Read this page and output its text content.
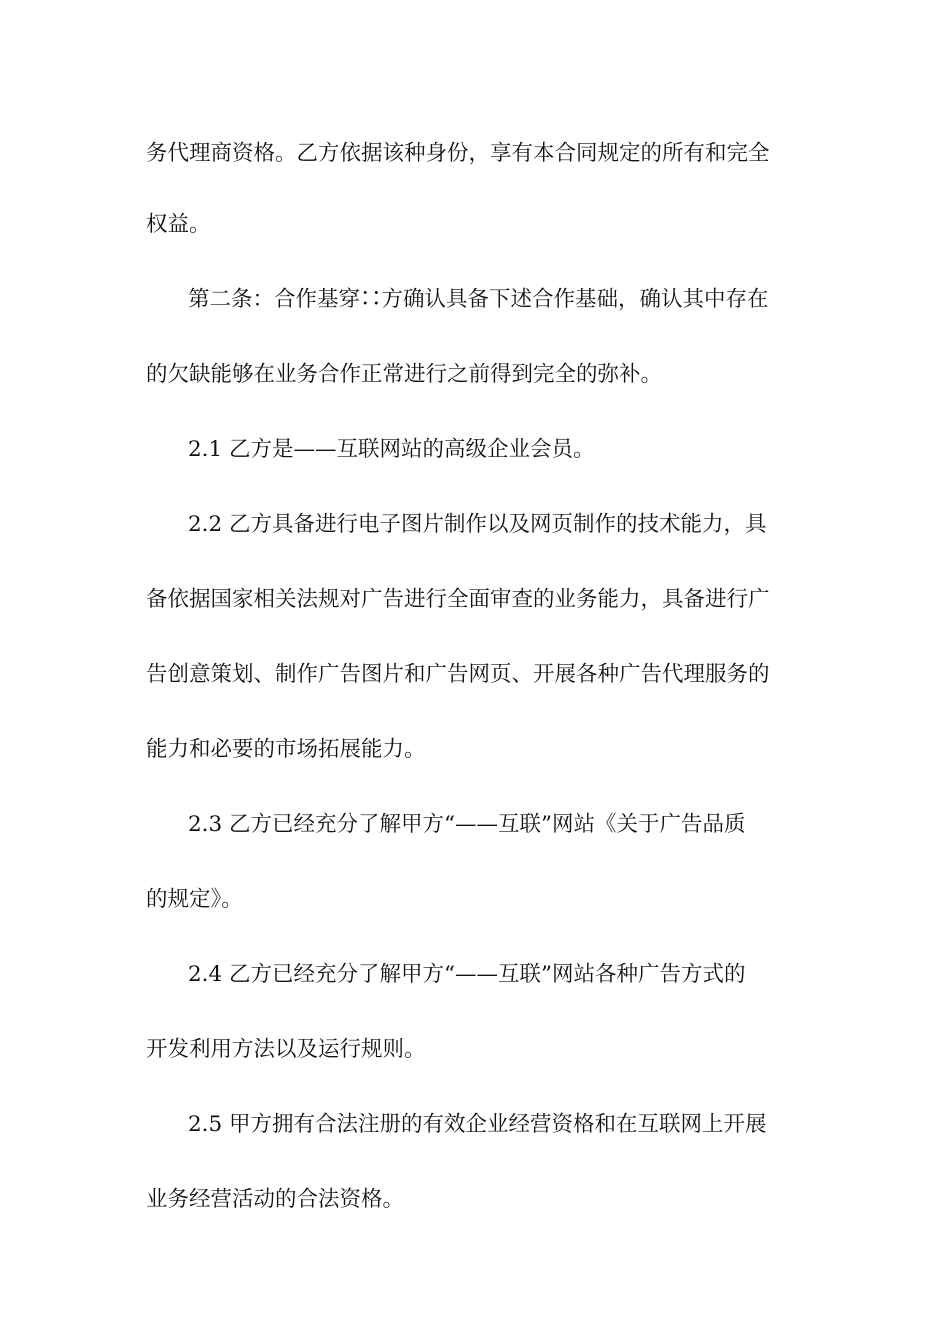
务代理商资格。乙方依据该种身份，享有本合同规定的所有和完全
权益。
第二条：合作基穿∷方确认具备下述合作基础，确认其中存在
的欠缺能够在业务合作正常进行之前得到完全的弥补。
2.1 乙方是——互联网站的高级企业会员。
2.2 乙方具备进行电子图片制作以及网页制作的技术能力，具
备依据国家相关法规对广告进行全面审查的业务能力，具备进行广
告创意策划、制作广告图片和广告网页、开展各种广告代理服务的
能力和必要的市场拓展能力。
2.3 乙方已经充分了解甲方“——互联”网站《关于广告品质
的规定》。
2.4 乙方已经充分了解甲方“——互联”网站各种广告方式的
开发利用方法以及运行规则。
2.5 甲方拥有合法注册的有效企业经营资格和在互联网上开展
业务经营活动的合法资格。
